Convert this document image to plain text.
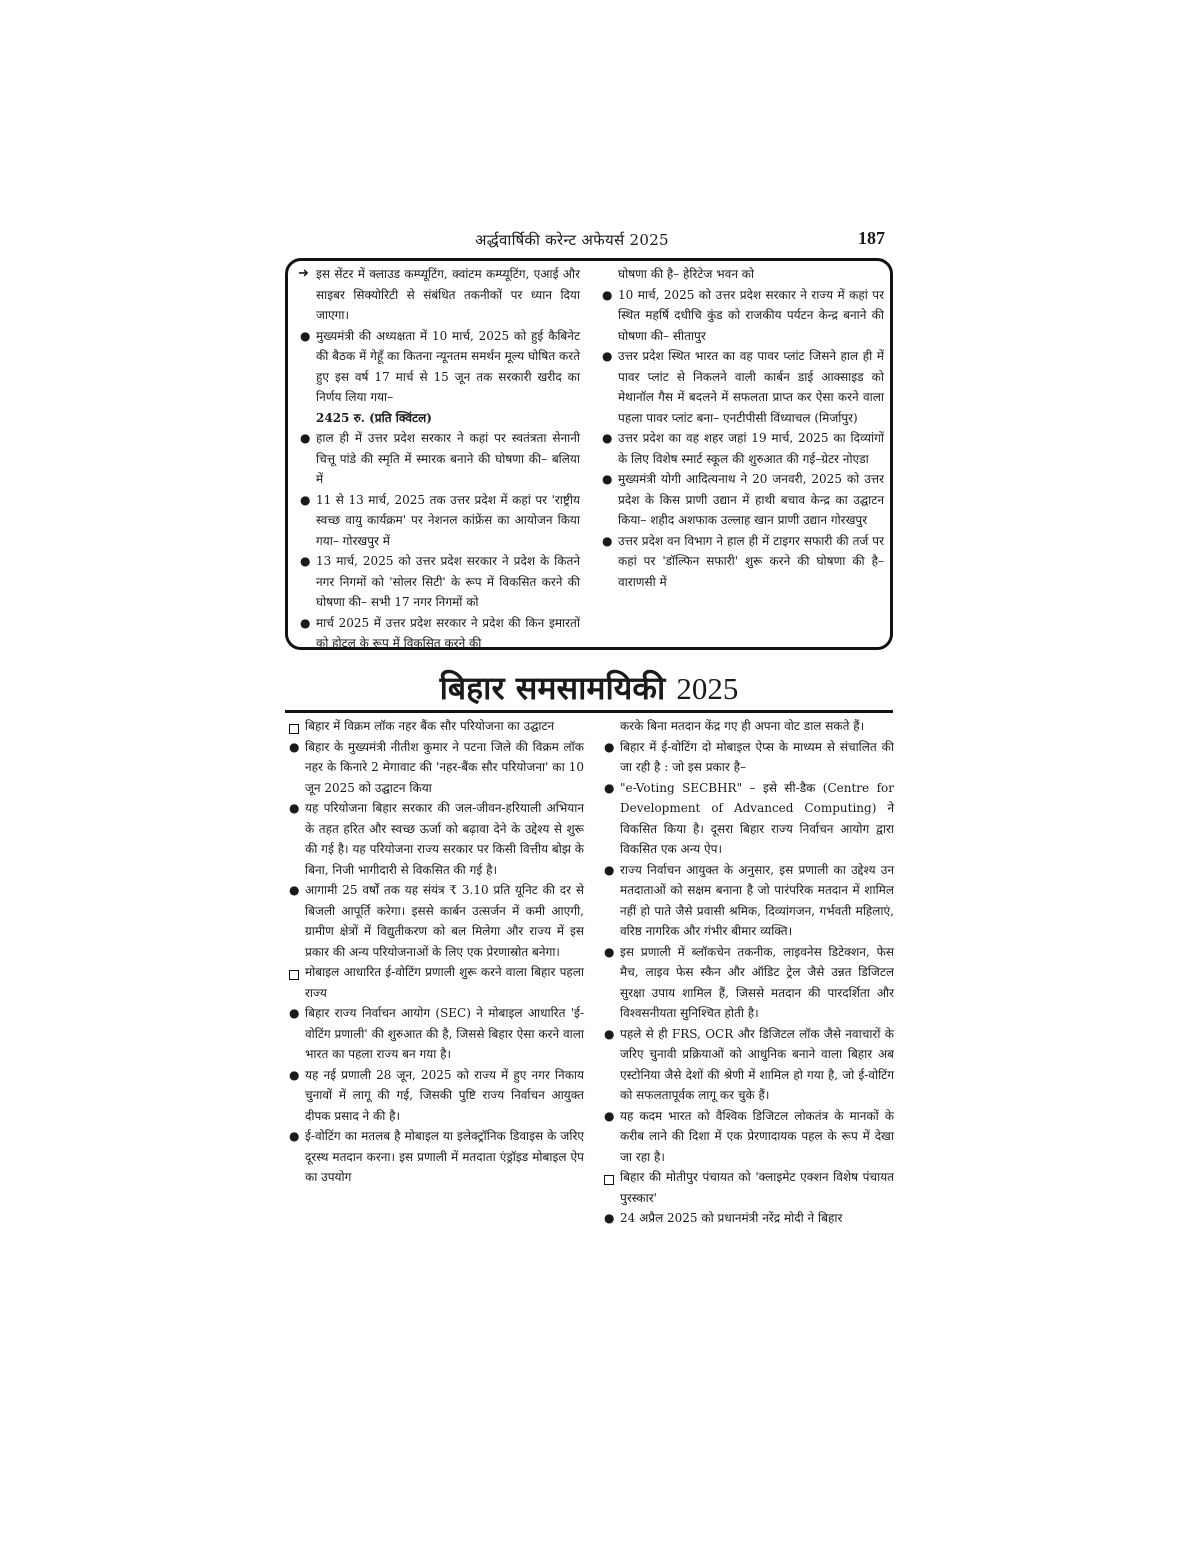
अर्द्धवार्षिकी करेन्ट अफेयर्स 2025	187
➜ इस सेंटर में क्लाउड कम्प्यूटिंग, क्वांटम कम्प्यूटिंग, एआई और साइबर सिक्योरिटी से संबंधित तकनीकों पर ध्यान दिया जाएगा।
● मुख्यमंत्री की अध्यक्षता में 10 मार्च, 2025 को हुई कैबिनेट की बैठक में गेहूँ का कितना न्यूनतम समर्थन मूल्य घोषित करते हुए इस वर्ष 17 मार्च से 15 जून तक सरकारी खरीद का निर्णय लिया गया–
2425 रु. (प्रति क्विंटल)
● हाल ही में उत्तर प्रदेश सरकार ने कहां पर स्वतंत्रता सेनानी चित्तू पांडे की स्मृति में स्मारक बनाने की घोषणा की– बलिया में
● 11 से 13 मार्च, 2025 तक उत्तर प्रदेश में कहां पर 'राष्ट्रीय स्वच्छ वायु कार्यक्रम' पर नेशनल कांफ्रेंस का आयोजन किया गया– गोरखपुर में
● 13 मार्च, 2025 को उत्तर प्रदेश सरकार ने प्रदेश के कितने नगर निगमों को 'सोलर सिटी' के रूप में विकसित करने की घोषणा की– सभी 17 नगर निगमों को
● मार्च 2025 में उत्तर प्रदेश सरकार ने प्रदेश की किन इमारतों को होटल के रूप में विकसित करने की
घोषणा की है– हेरिटेज भवन को
● 10 मार्च, 2025 को उत्तर प्रदेश सरकार ने राज्य में कहां पर स्थित महर्षि दधीचि कुंड को राजकीय पर्यटन केन्द्र बनाने की घोषणा की– सीतापुर
● उत्तर प्रदेश स्थित भारत का वह पावर प्लांट जिसने हाल ही में पावर प्लांट से निकलने वाली कार्बन डाई आक्साइड को मेथानॉल गैस में बदलने में सफलता प्राप्त कर ऐसा करने वाला पहला पावर प्लांट बना– एनटीपीसी विंध्याचल (मिर्जापुर)
● उत्तर प्रदेश का वह शहर जहां 19 मार्च, 2025 का दिव्यांगों के लिए विशेष स्मार्ट स्कूल की शुरुआत की गई–ग्रेटर नोएडा
● मुख्यमंत्री योगी आदित्यनाथ ने 20 जनवरी, 2025 को उत्तर प्रदेश के किस प्राणी उद्यान में हाथी बचाव केन्द्र का उद्घाटन किया– शहीद अशफाक उल्लाह खान प्राणी उद्यान गोरखपुर
● उत्तर प्रदेश वन विभाग ने हाल ही में टाइगर सफारी की तर्ज पर कहां पर 'डॉल्फिन सफारी' शुरू करने की घोषणा की है– वाराणसी में
बिहार समसामयिकी 2025
बिहार में विक्रम लॉक नहर बैंक सौर परियोजना का उद्घाटन
● बिहार के मुख्यमंत्री नीतीश कुमार ने पटना जिले की विक्रम लॉक नहर के किनारे 2 मेगावाट की 'नहर-बैंक सौर परियोजना' का 10 जून 2025 को उद्घाटन किया
● यह परियोजना बिहार सरकार की जल-जीवन-हरियाली अभियान के तहत हरित और स्वच्छ ऊर्जा को बढ़ावा देने के उद्देश्य से शुरू की गई है। यह परियोजना राज्य सरकार पर किसी वित्तीय बोझ के बिना, निजी भागीदारी से विकसित की गई है।
● आगामी 25 वर्षों तक यह संयंत्र ₹ 3.10 प्रति यूनिट की दर से बिजली आपूर्ति करेगा। इससे कार्बन उत्सर्जन में कमी आएगी, ग्रामीण क्षेत्रों में विद्युतीकरण को बल मिलेगा और राज्य में इस प्रकार की अन्य परियोजनाओं के लिए एक प्रेरणास्रोत बनेगा।
मोबाइल आधारित ई-वोटिंग प्रणाली शुरू करने वाला बिहार पहला राज्य
● बिहार राज्य निर्वाचन आयोग (SEC) ने मोबाइल आधारित 'ई-वोटिंग प्रणाली' की शुरुआत की है, जिससे बिहार ऐसा करने वाला भारत का पहला राज्य बन गया है।
● यह नई प्रणाली 28 जून, 2025 को राज्य में हुए नगर निकाय चुनावों में लागू की गई, जिसकी पुष्टि राज्य निर्वाचन आयुक्त दीपक प्रसाद ने की है।
● ई-वोटिंग का मतलब है मोबाइल या इलेक्ट्रॉनिक डिवाइस के जरिए दूरस्थ मतदान करना। इस प्रणाली में मतदाता एंड्रॉइड मोबाइल ऐप का उपयोग
करके बिना मतदान केंद्र गए ही अपना वोट डाल सकते हैं।
● बिहार में ई-वोटिंग दो मोबाइल ऐप्स के माध्यम से संचालित की जा रही है : जो इस प्रकार है–
● "e-Voting SECBHR" – इसे सी-डैक (Centre for Development of Advanced Computing) ने विकसित किया है। दूसरा बिहार राज्य निर्वाचन आयोग द्वारा विकसित एक अन्य ऐप।
● राज्य निर्वाचन आयुक्त के अनुसार, इस प्रणाली का उद्देश्य उन मतदाताओं को सक्षम बनाना है जो पारंपरिक मतदान में शामिल नहीं हो पाते जैसे प्रवासी श्रमिक, दिव्यांगजन, गर्भवती महिलाएं, वरिष्ठ नागरिक और गंभीर बीमार व्यक्ति।
● इस प्रणाली में ब्लॉकचेन तकनीक, लाइवनेस डिटेक्शन, फेस मैच, लाइव फेस स्कैन और ऑडिट ट्रेल जैसे उन्नत डिजिटल सुरक्षा उपाय शामिल हैं, जिससे मतदान की पारदर्शिता और विश्वसनीयता सुनिश्चित होती है।
● पहले से ही FRS, OCR और डिजिटल लॉक जैसे नवाचारों के जरिए चुनावी प्रक्रियाओं को आधुनिक बनाने वाला बिहार अब एस्टोनिया जैसे देशों की श्रेणी में शामिल हो गया है, जो ई-वोटिंग को सफलतापूर्वक लागू कर चुके हैं।
● यह कदम भारत को वैश्विक डिजिटल लोकतंत्र के मानकों के करीब लाने की दिशा में एक प्रेरणादायक पहल के रूप में देखा जा रहा है।
बिहार की मोतीपुर पंचायत को 'क्लाइमेट एक्शन विशेष पंचायत पुरस्कार'
● 24 अप्रैल 2025 को प्रधानमंत्री नरेंद्र मोदी ने बिहार
